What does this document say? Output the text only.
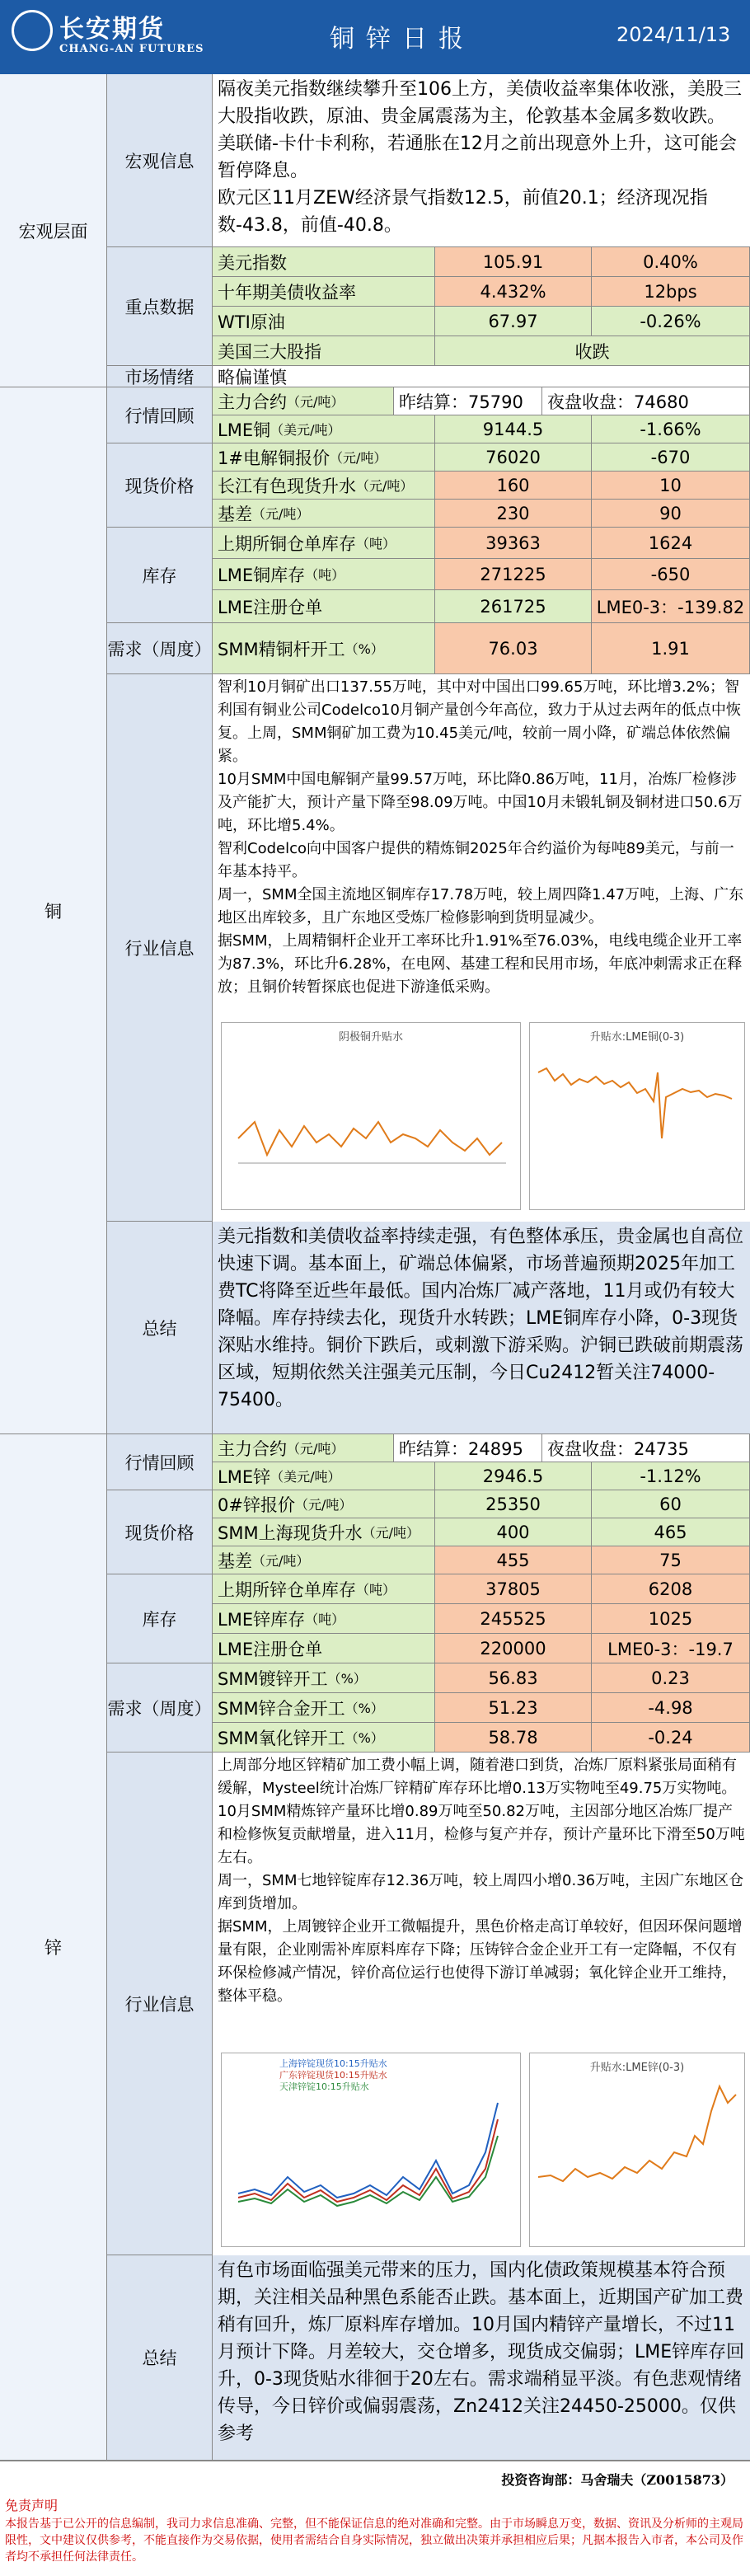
长安期货
CHANG-AN FUTURES	铜锌日报	2024/11/13
宏观层面
宏观信息

隔夜美元指数继续攀升至106上方，美债收益率集体收涨，美股三大股指收跌，原油、贵金属震荡为主，伦敦基本金属多数收跌。

美联储-卡什卡利称，若通胀在12月之前出现意外上升，这可能会暂停降息。

欧元区11月ZEW经济景气指数12.5，前值20.1；经济现况指数-43.8，前值-40.8。

重点数据
美元指数	105.91	0.40%
十年期美债收益率	4.432%	12bps
WTI原油	67.97	-0.26%
美国三大股指	收跌
市场情绪	略偏谨慎
铜
行情回顾
主力合约 （元/吨）	昨结算：75790	夜盘收盘：74680
LME铜 （美元/吨）	9144.5	-1.66%
现货价格
1#电解铜报价 （元/吨）	76020	-670
长江有色现货升水 （元/吨）	160	10
基差 （元/吨）	230	90
库存
上期所铜仓单库存 （吨）	39363	1624
LME铜库存 （吨）	271225	-650
LME注册仓单	261725	LME0-3：-139.82
需求（周度） SMM精铜杆开工 （%）	76.03	1.91
行业信息

智利10月铜矿出口137.55万吨，其中对中国出口99.65万吨，环比增3.2%；智利国有铜业公司Codelco10月铜产量创今年高位，致力于从过去两年的低点中恢复。上周，SMM铜矿加工费为10.45美元/吨，较前一周小降，矿端总体依然偏紧。

10月SMM中国电解铜产量99.57万吨，环比降0.86万吨，11月，冶炼厂检修涉及产能扩大，预计产量下降至98.09万吨。中国10月未锻轧铜及铜材进口50.6万吨，环比增5.4%。

智利Codelco向中国客户提供的精炼铜2025年合约溢价为每吨89美元，与前一年基本持平。

周一，SMM全国主流地区铜库存17.78万吨，较上周四降1.47万吨，上海、广东地区出库较多，且广东地区受炼厂检修影响到货明显减少。

据SMM，上周精铜杆企业开工率环比升1.91%至76.03%，电线电缆企业开工率为87.3%，环比升6.28%，在电网、基建工程和民用市场，年底冲刺需求正在释放；且铜价转暂探底也促进下游逢低采购。

阴极铜升贴水	升贴水:LME铜(0-3)
总结
美元指数和美债收益率持续走强，有色整体承压，贵金属也自高位快速下调。基本面上，矿端总体偏紧，市场普遍预期2025年加工费TC将降至近些年最低。国内冶炼厂减产落地，11月或仍有较大降幅。库存持续去化，现货升水转跌；LME铜库存小降，0-3现货深贴水维持。铜价下跌后，或刺激下游采购。沪铜已跌破前期震荡区域，短期依然关注强美元压制，今日Cu2412暂关注74000-75400。
锌
行情回顾
主力合约 （元/吨）	昨结算：24895	夜盘收盘：24735
LME锌 （美元/吨）	2946.5	-1.12%
现货价格
0#锌报价 （元/吨）	25350	60
SMM上海现货升水 （元/吨）	400	465
基差 （元/吨）	455	75
库存
上期所锌仓单库存 （吨）	37805	6208
LME锌库存 （吨）	245525	1025
LME注册仓单	220000	LME0-3：-19.7
需求（周度）
SMM镀锌开工 （%）	56.83	0.23
SMM锌合金开工 （%）	51.23	-4.98
SMM氧化锌开工 （%）	58.78	-0.24
行业信息

上周部分地区锌精矿加工费小幅上调，随着港口到货，冶炼厂原料紧张局面稍有缓解，Mysteel统计冶炼厂锌精矿库存环比增0.13万实物吨至49.75万实物吨。

10月SMM精炼锌产量环比增0.89万吨至50.82万吨，主因部分地区冶炼厂提产和检修恢复贡献增量，进入11月，检修与复产并存，预计产量环比下滑至50万吨左右。

周一，SMM七地锌锭库存12.36万吨，较上周四小增0.36万吨，主因广东地区仓库到货增加。

据SMM，上周镀锌企业开工微幅提升，黑色价格走高订单较好，但因环保问题增量有限，企业刚需补库原料库存下降；压铸锌合金企业开工有一定降幅，不仅有环保检修减产情况，锌价高位运行也使得下游订单减弱；氧化锌企业开工维持，整体平稳。

上海锌锭现货10:15升贴水
广东锌锭现货10:15升贴水
天津锌锭10:15升贴水
升贴水:LME锌(0-3)
总结
有色市场面临强美元带来的压力，国内化债政策规模基本符合预期，关注相关品种黑色系能否止跌。基本面上，近期国产矿加工费稍有回升，炼厂原料库存增加。10月国内精锌产量增长，不过11月预计下降。月差较大，交仓增多，现货成交偏弱；LME锌库存回升，0-3现货贴水徘徊于20左右。需求端稍显平淡。有色悲观情绪传导，今日锌价或偏弱震荡，Zn2412关注24450-25000。仅供参考
投资咨询部：马舍瑞夫（Z0015873）
免责声明
本报告基于已公开的信息编制，我司力求信息准确、完整，但不能保证信息的绝对准确和完整。由于市场瞬息万变，数据、资讯及分析师的主观局限性，文中建议仅供参考，不能直接作为交易依据，使用者需结合自身实际情况，独立做出决策并承担相应后果；凡据本报告入市者，本公司及作者均不承担任何法律责任。
